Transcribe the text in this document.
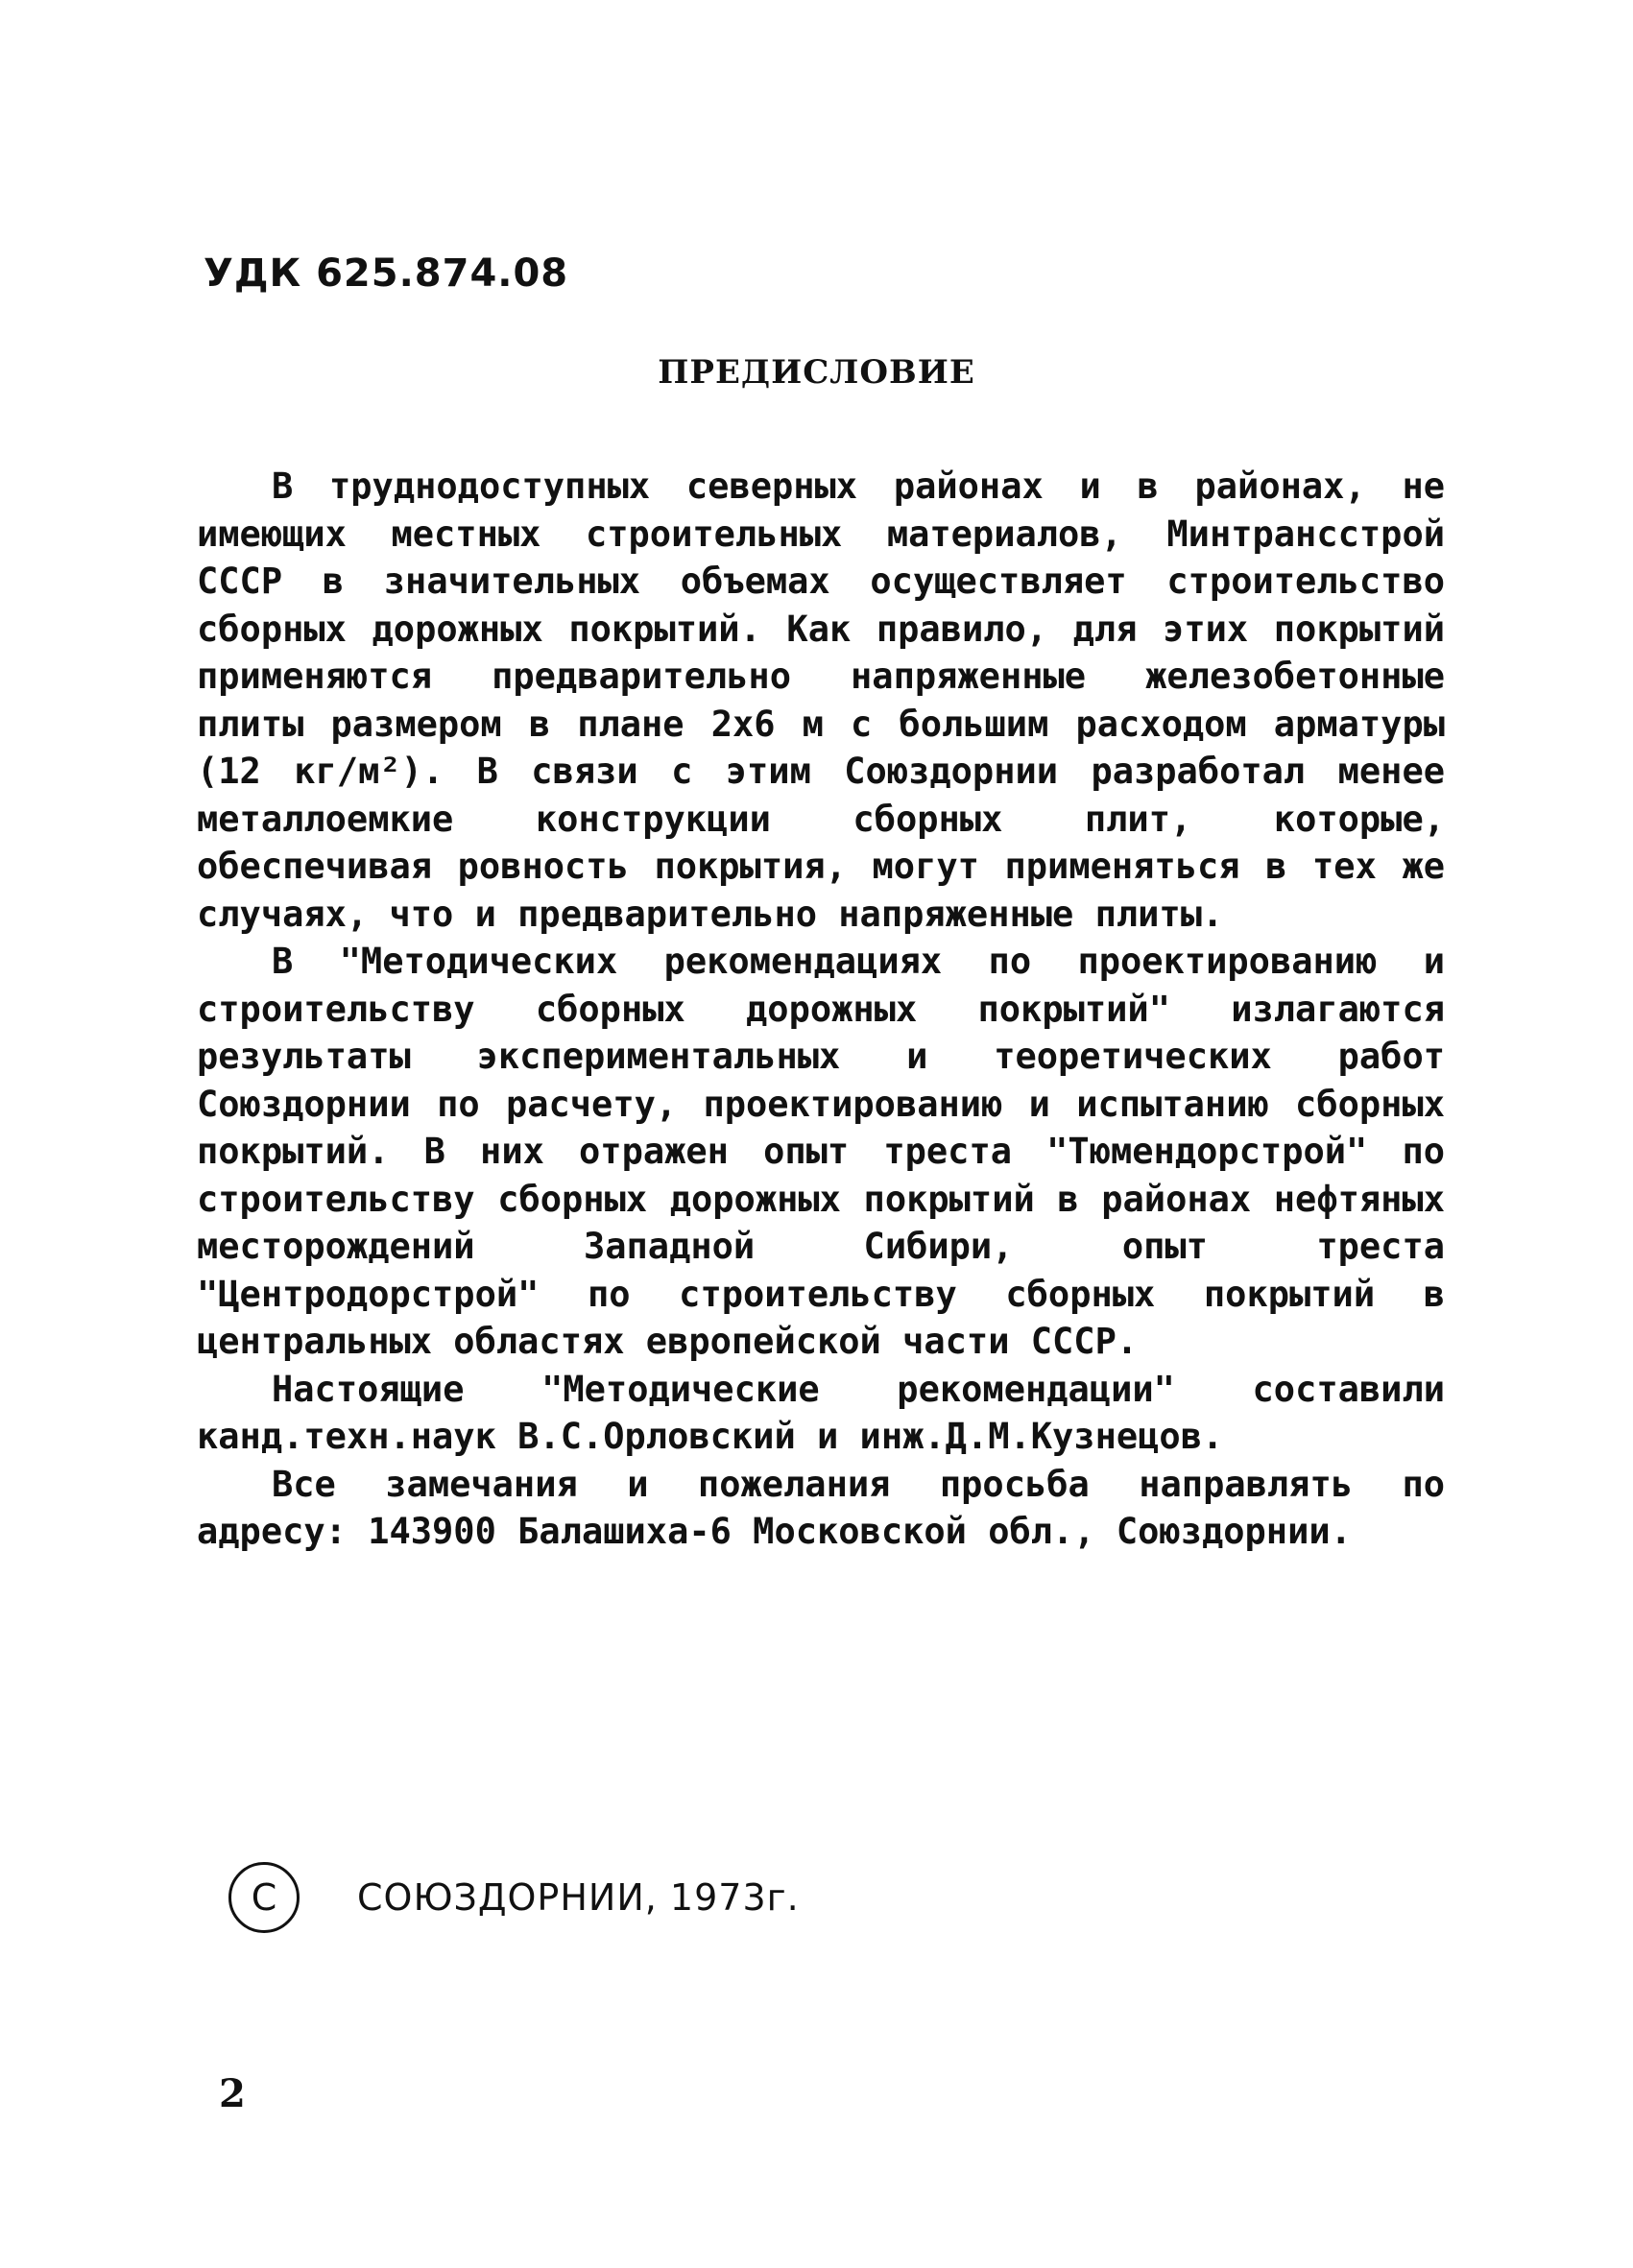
УДК 625.874.08
ПРЕДИСЛОВИЕ

В труднодоступных северных районах и в районах, не имеющих местных строительных материалов, Минтрансстрой СССР в значительных объемах осуществляет строительство сборных дорожных покрытий. Как правило, для этих покрытий применяются предварительно напряженные железобетонные плиты размером в плане 2х6 м с большим расходом арматуры (12 кг/м²). В связи с этим Союздорнии разработал менее металлоемкие конструкции сборных плит, которые, обеспечивая ровность покрытия, могут применяться в тех же случаях, что и предварительно напряженные плиты.

В "Методических рекомендациях по проектированию и строительству сборных дорожных покрытий" излагаются результаты экспериментальных и теоретических работ Союздорнии по расчету, проектированию и испытанию сборных покрытий. В них отражен опыт треста "Тюмендорстрой" по строительству сборных дорожных покрытий в районах нефтяных месторождений Западной Сибири, опыт треста "Центродорстрой" по строительству сборных покрытий в центральных областях европейской части СССР.

Настоящие "Методические рекомендации" составили канд.техн.наук В.С.Орловский и инж.Д.М.Кузнецов.

Все замечания и пожелания просьба направлять по адресу: 143900 Балашиха-6 Московской обл., Союздорнии.

C	СОЮЗДОРНИИ, 1973г.
2
